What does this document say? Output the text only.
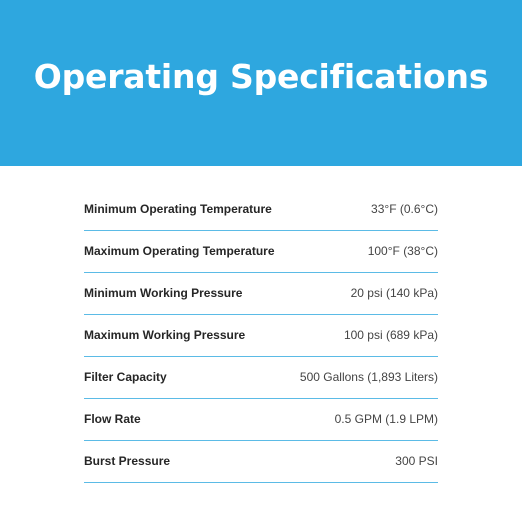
Operating Specifications
Minimum Operating Temperature	33°F (0.6°C)
Maximum Operating Temperature	100°F (38°C)
Minimum Working Pressure	20 psi (140 kPa)
Maximum Working Pressure	100 psi (689 kPa)
Filter Capacity	500 Gallons (1,893 Liters)
Flow Rate	0.5 GPM (1.9 LPM)
Burst Pressure	300 PSI
